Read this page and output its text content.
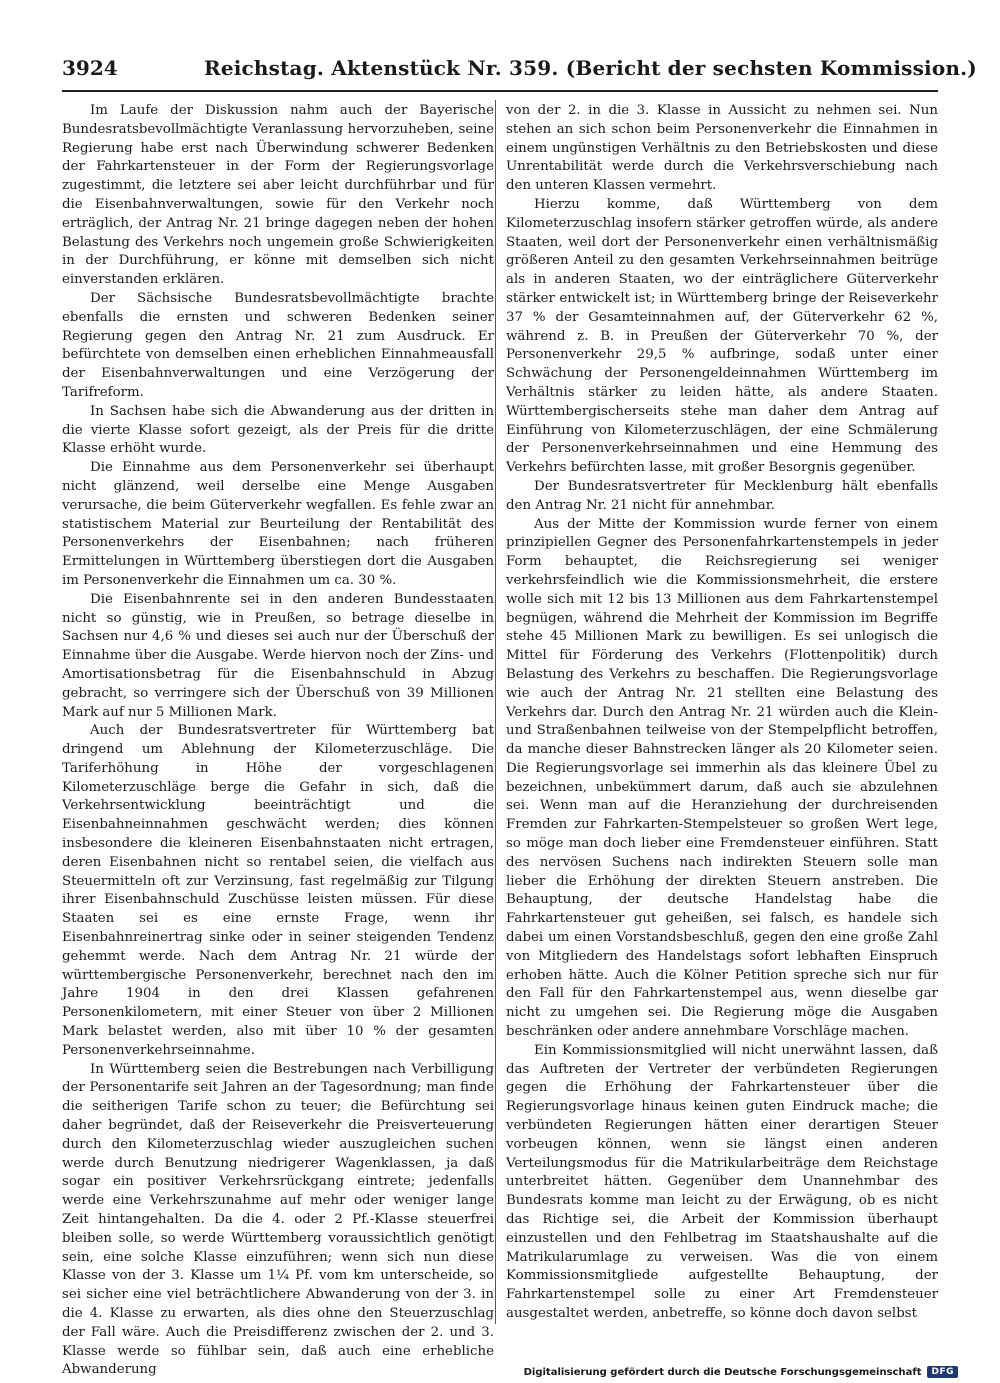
3924	Reichstag. Aktenstück Nr. 359. (Bericht der sechsten Kommission.)

Im Laufe der Diskussion nahm auch der Bayerische Bundesratsbevollmächtigte Veranlassung hervorzuheben, seine Regierung habe erst nach Überwindung schwerer Bedenken der Fahrkartensteuer in der Form der Regierungsvorlage zugestimmt, die letztere sei aber leicht durchführbar und für die Eisenbahnverwaltungen, sowie für den Verkehr noch erträglich, der Antrag Nr. 21 bringe dagegen neben der hohen Belastung des Verkehrs noch ungemein große Schwierigkeiten in der Durchführung, er könne mit demselben sich nicht einverstanden erklären.

Der Sächsische Bundesratsbevollmächtigte brachte ebenfalls die ernsten und schweren Bedenken seiner Regierung gegen den Antrag Nr. 21 zum Ausdruck. Er befürchtete von demselben einen erheblichen Einnahmeausfall der Eisenbahnverwaltungen und eine Verzögerung der Tarifreform.

In Sachsen habe sich die Abwanderung aus der dritten in die vierte Klasse sofort gezeigt, als der Preis für die dritte Klasse erhöht wurde.

Die Einnahme aus dem Personenverkehr sei überhaupt nicht glänzend, weil derselbe eine Menge Ausgaben verursache, die beim Güterverkehr wegfallen. Es fehle zwar an statistischem Material zur Beurteilung der Rentabilität des Personenverkehrs der Eisenbahnen; nach früheren Ermittelungen in Württemberg überstiegen dort die Ausgaben im Personenverkehr die Einnahmen um ca. 30 %.

Die Eisenbahnrente sei in den anderen Bundesstaaten nicht so günstig, wie in Preußen, so betrage dieselbe in Sachsen nur 4,6 % und dieses sei auch nur der Überschuß der Einnahme über die Ausgabe. Werde hiervon noch der Zins- und Amortisationsbetrag für die Eisenbahnschuld in Abzug gebracht, so verringere sich der Überschuß von 39 Millionen Mark auf nur 5 Millionen Mark.

Auch der Bundesratsvertreter für Württemberg bat dringend um Ablehnung der Kilometerzuschläge. Die Tariferhöhung in Höhe der vorgeschlagenen Kilometerzuschläge berge die Gefahr in sich, daß die Verkehrsentwicklung beeinträchtigt und die Eisenbahneinnahmen geschwächt werden; dies können insbesondere die kleineren Eisenbahnstaaten nicht ertragen, deren Eisenbahnen nicht so rentabel seien, die vielfach aus Steuermitteln oft zur Verzinsung, fast regelmäßig zur Tilgung ihrer Eisenbahnschuld Zuschüsse leisten müssen. Für diese Staaten sei es eine ernste Frage, wenn ihr Eisenbahnreinertrag sinke oder in seiner steigenden Tendenz gehemmt werde. Nach dem Antrag Nr. 21 würde der württembergische Personenverkehr, berechnet nach den im Jahre 1904 in den drei Klassen gefahrenen Personenkilometern, mit einer Steuer von über 2 Millionen Mark belastet werden, also mit über 10 % der gesamten Personenverkehrseinnahme.

In Württemberg seien die Bestrebungen nach Verbilligung der Personentarife seit Jahren an der Tagesordnung; man finde die seitherigen Tarife schon zu teuer; die Befürchtung sei daher begründet, daß der Reiseverkehr die Preisverteuerung durch den Kilometerzuschlag wieder auszugleichen suchen werde durch Benutzung niedrigerer Wagenklassen, ja daß sogar ein positiver Verkehrsrückgang eintrete; jedenfalls werde eine Verkehrszunahme auf mehr oder weniger lange Zeit hintangehalten. Da die 4. oder 2 Pf.-Klasse steuerfrei bleiben solle, so werde Württemberg voraussichtlich genötigt sein, eine solche Klasse einzuführen; wenn sich nun diese Klasse von der 3. Klasse um 1¼ Pf. vom km unterscheide, so sei sicher eine viel beträchtlichere Abwanderung von der 3. in die 4. Klasse zu erwarten, als dies ohne den Steuerzuschlag der Fall wäre. Auch die Preisdifferenz zwischen der 2. und 3. Klasse werde so fühlbar sein, daß auch eine erhebliche Abwanderung

von der 2. in die 3. Klasse in Aussicht zu nehmen sei. Nun stehen an sich schon beim Personenverkehr die Einnahmen in einem ungünstigen Verhältnis zu den Betriebskosten und diese Unrentabilität werde durch die Verkehrsverschiebung nach den unteren Klassen vermehrt.

Hierzu komme, daß Württemberg von dem Kilometerzuschlag insofern stärker getroffen würde, als andere Staaten, weil dort der Personenverkehr einen verhältnismäßig größeren Anteil zu den gesamten Verkehrseinnahmen beitrüge als in anderen Staaten, wo der einträglichere Güterverkehr stärker entwickelt ist; in Württemberg bringe der Reiseverkehr 37 % der Gesamteinnahmen auf, der Güterverkehr 62 %, während z. B. in Preußen der Güterverkehr 70 %, der Personenverkehr 29,5 % aufbringe, sodaß unter einer Schwächung der Personengeldeinnahmen Württemberg im Verhältnis stärker zu leiden hätte, als andere Staaten. Württembergischerseits stehe man daher dem Antrag auf Einführung von Kilometerzuschlägen, der eine Schmälerung der Personenverkehrseinnahmen und eine Hemmung des Verkehrs befürchten lasse, mit großer Besorgnis gegenüber.

Der Bundesratsvertreter für Mecklenburg hält ebenfalls den Antrag Nr. 21 nicht für annehmbar.

Aus der Mitte der Kommission wurde ferner von einem prinzipiellen Gegner des Personenfahrkartenstempels in jeder Form behauptet, die Reichsregierung sei weniger verkehrsfeindlich wie die Kommissionsmehrheit, die erstere wolle sich mit 12 bis 13 Millionen aus dem Fahrkartenstempel begnügen, während die Mehrheit der Kommission im Begriffe stehe 45 Millionen Mark zu bewilligen. Es sei unlogisch die Mittel für Förderung des Verkehrs (Flottenpolitik) durch Belastung des Verkehrs zu beschaffen. Die Regierungsvorlage wie auch der Antrag Nr. 21 stellten eine Belastung des Verkehrs dar. Durch den Antrag Nr. 21 würden auch die Klein- und Straßenbahnen teilweise von der Stempelpflicht betroffen, da manche dieser Bahnstrecken länger als 20 Kilometer seien. Die Regierungsvorlage sei immerhin als das kleinere Übel zu bezeichnen, unbekümmert darum, daß auch sie abzulehnen sei. Wenn man auf die Heranziehung der durchreisenden Fremden zur Fahrkarten-Stempelsteuer so großen Wert lege, so möge man doch lieber eine Fremdensteuer einführen. Statt des nervösen Suchens nach indirekten Steuern solle man lieber die Erhöhung der direkten Steuern anstreben. Die Behauptung, der deutsche Handelstag habe die Fahrkartensteuer gut geheißen, sei falsch, es handele sich dabei um einen Vorstandsbeschluß, gegen den eine große Zahl von Mitgliedern des Handelstags sofort lebhaften Einspruch erhoben hätte. Auch die Kölner Petition spreche sich nur für den Fall für den Fahrkartenstempel aus, wenn dieselbe gar nicht zu umgehen sei. Die Regierung möge die Ausgaben beschränken oder andere annehmbare Vorschläge machen.

Ein Kommissionsmitglied will nicht unerwähnt lassen, daß das Auftreten der Vertreter der verbündeten Regierungen gegen die Erhöhung der Fahrkartensteuer über die Regierungsvorlage hinaus keinen guten Eindruck mache; die verbündeten Regierungen hätten einer derartigen Steuer vorbeugen können, wenn sie längst einen anderen Verteilungsmodus für die Matrikularbeiträge dem Reichstage unterbreitet hätten. Gegenüber dem Unannehmbar des Bundesrats komme man leicht zu der Erwägung, ob es nicht das Richtige sei, die Arbeit der Kommission überhaupt einzustellen und den Fehlbetrag im Staatshaushalte auf die Matrikularumlage zu verweisen. Was die von einem Kommissionsmitgliede aufgestellte Behauptung, der Fahrkartenstempel solle zu einer Art Fremdensteuer ausgestaltet werden, anbetreffe, so könne doch davon selbst

Digitalisierung gefördert durch die Deutsche Forschungsgemeinschaft	DFG
